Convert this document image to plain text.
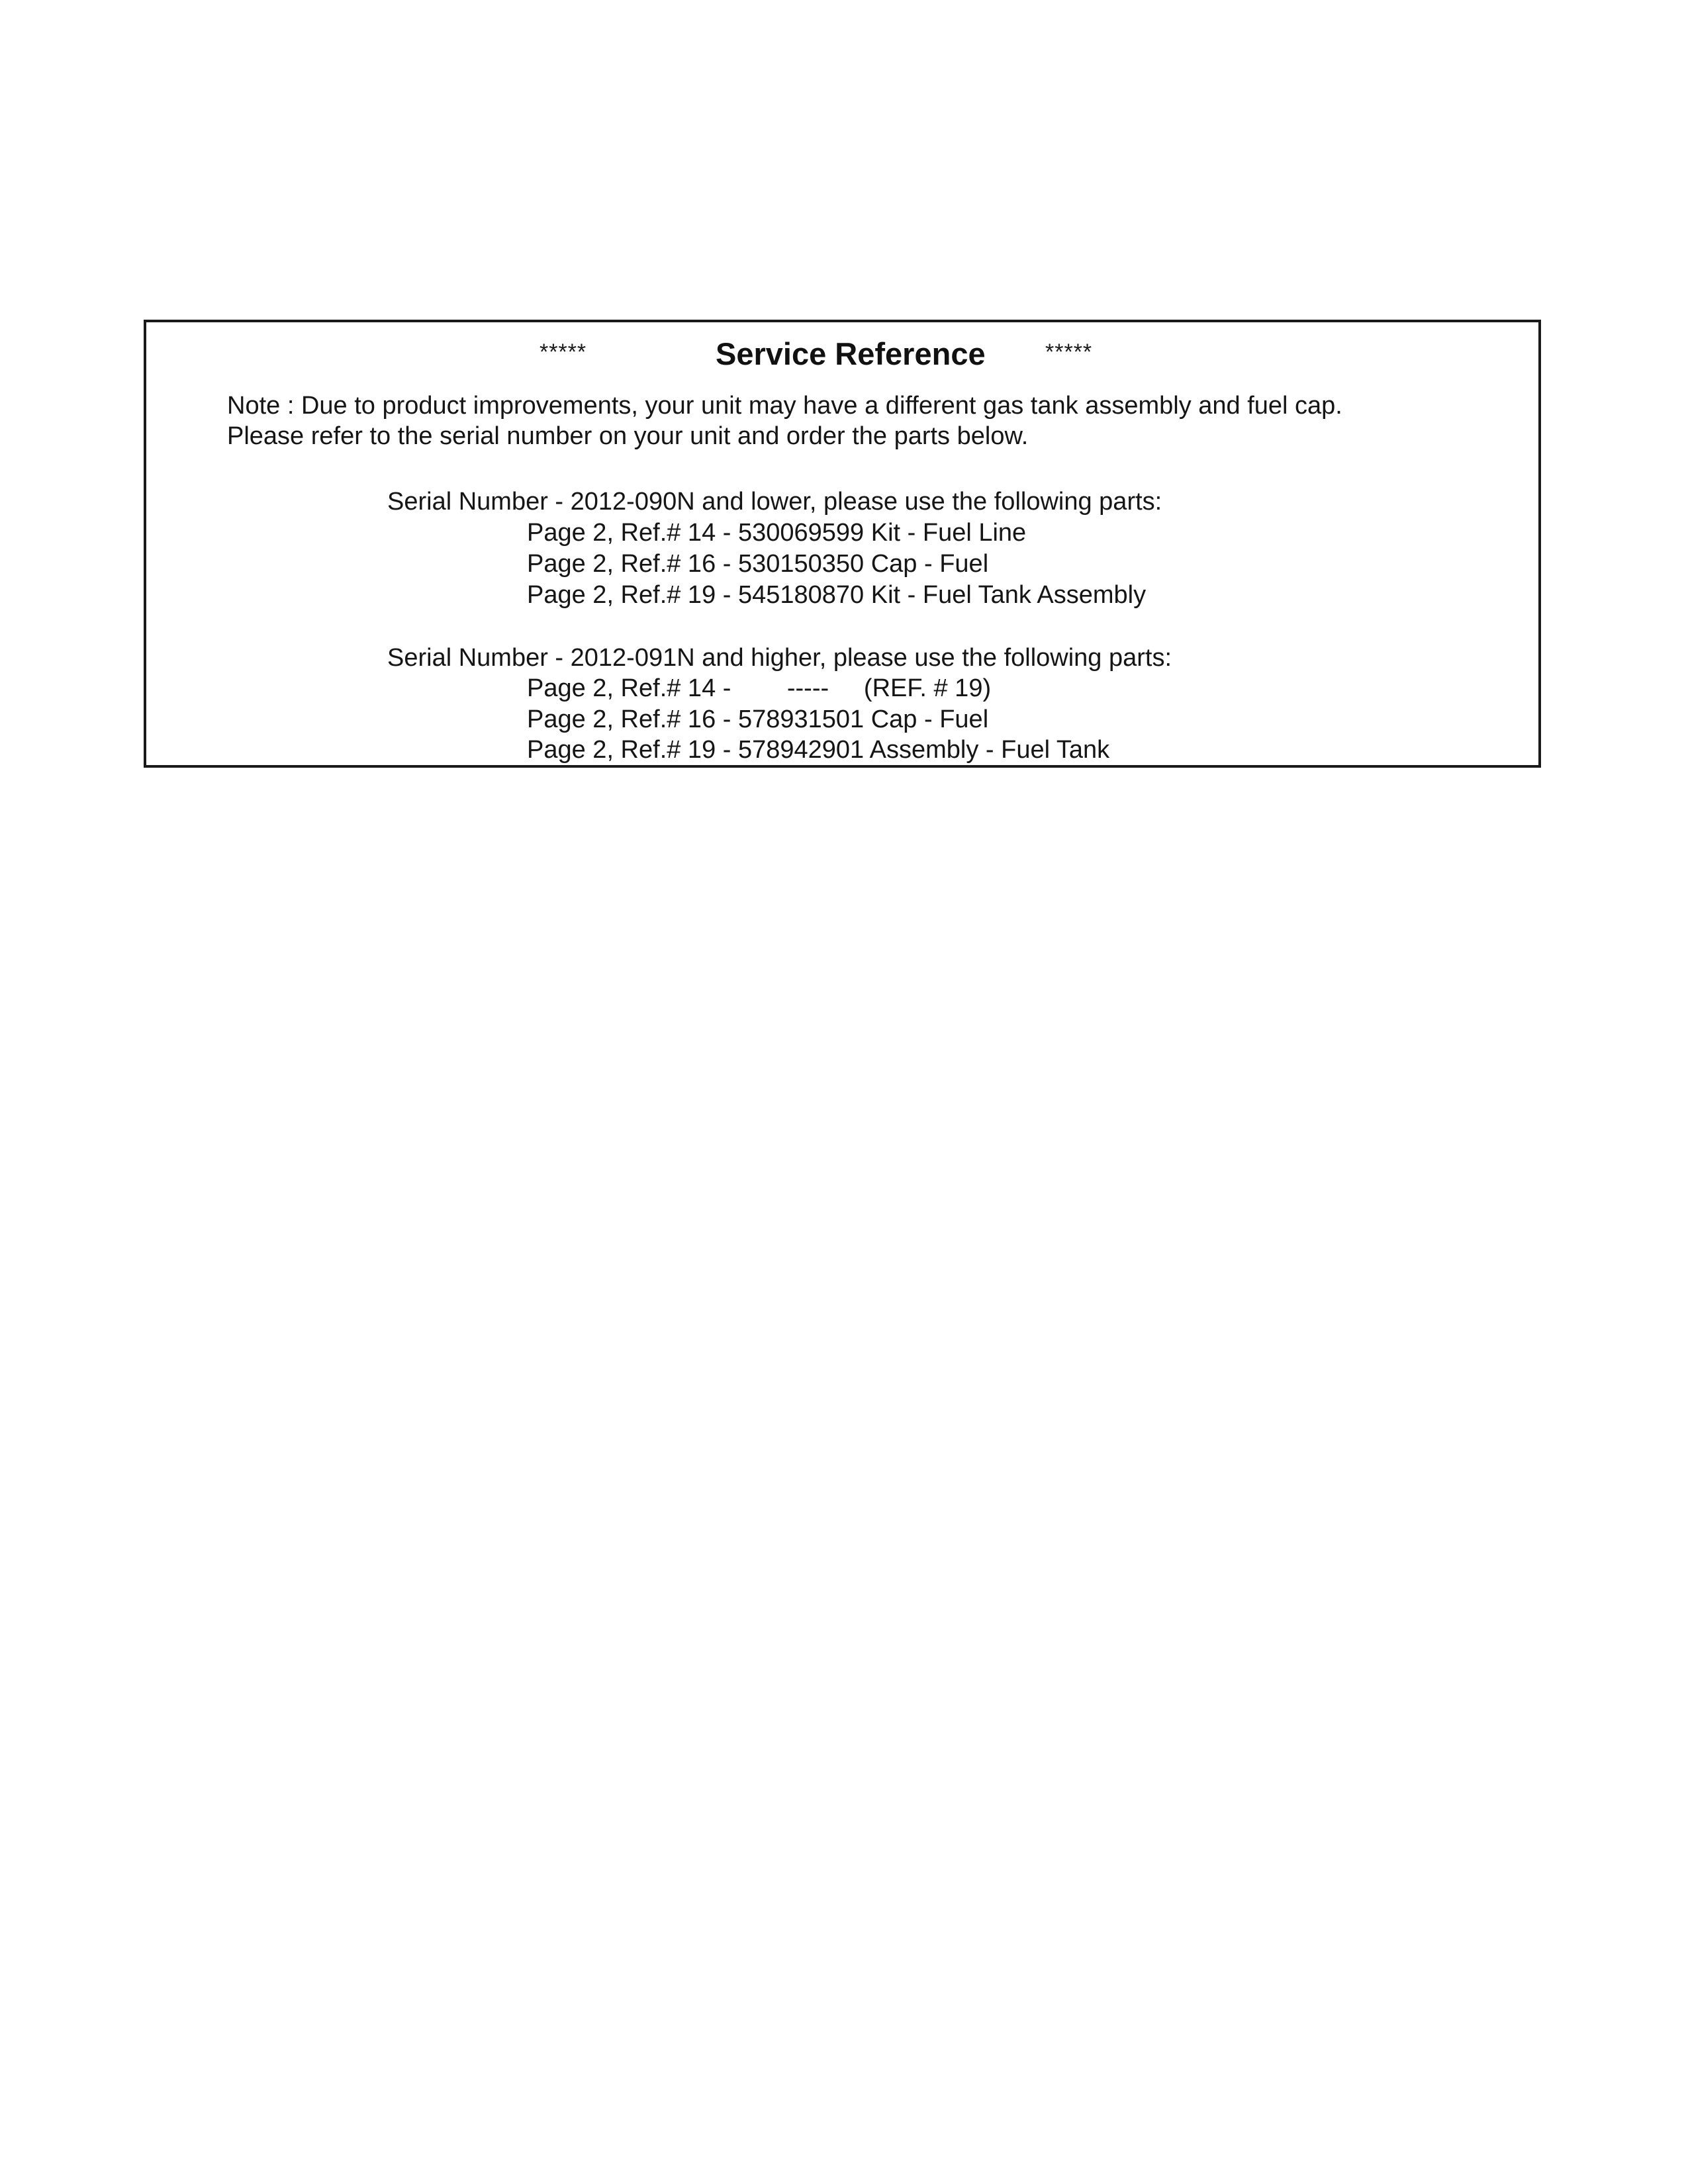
*****	Service Reference	*****
Note : Due to product improvements, your unit may have a different gas tank assembly and fuel cap.
Please refer to the serial number on your unit and order the parts below.
Serial Number - 2012-090N and lower, please use the following parts:
Page 2, Ref.# 14 - 530069599 Kit - Fuel Line
Page 2, Ref.# 16 - 530150350 Cap - Fuel
Page 2, Ref.# 19 - 545180870 Kit - Fuel Tank Assembly
Serial Number - 2012-091N and higher, please use the following parts:
Page 2, Ref.# 14 -        -----     (REF. # 19)
Page 2, Ref.# 16 - 578931501 Cap - Fuel
Page 2, Ref.# 19 - 578942901 Assembly - Fuel Tank
